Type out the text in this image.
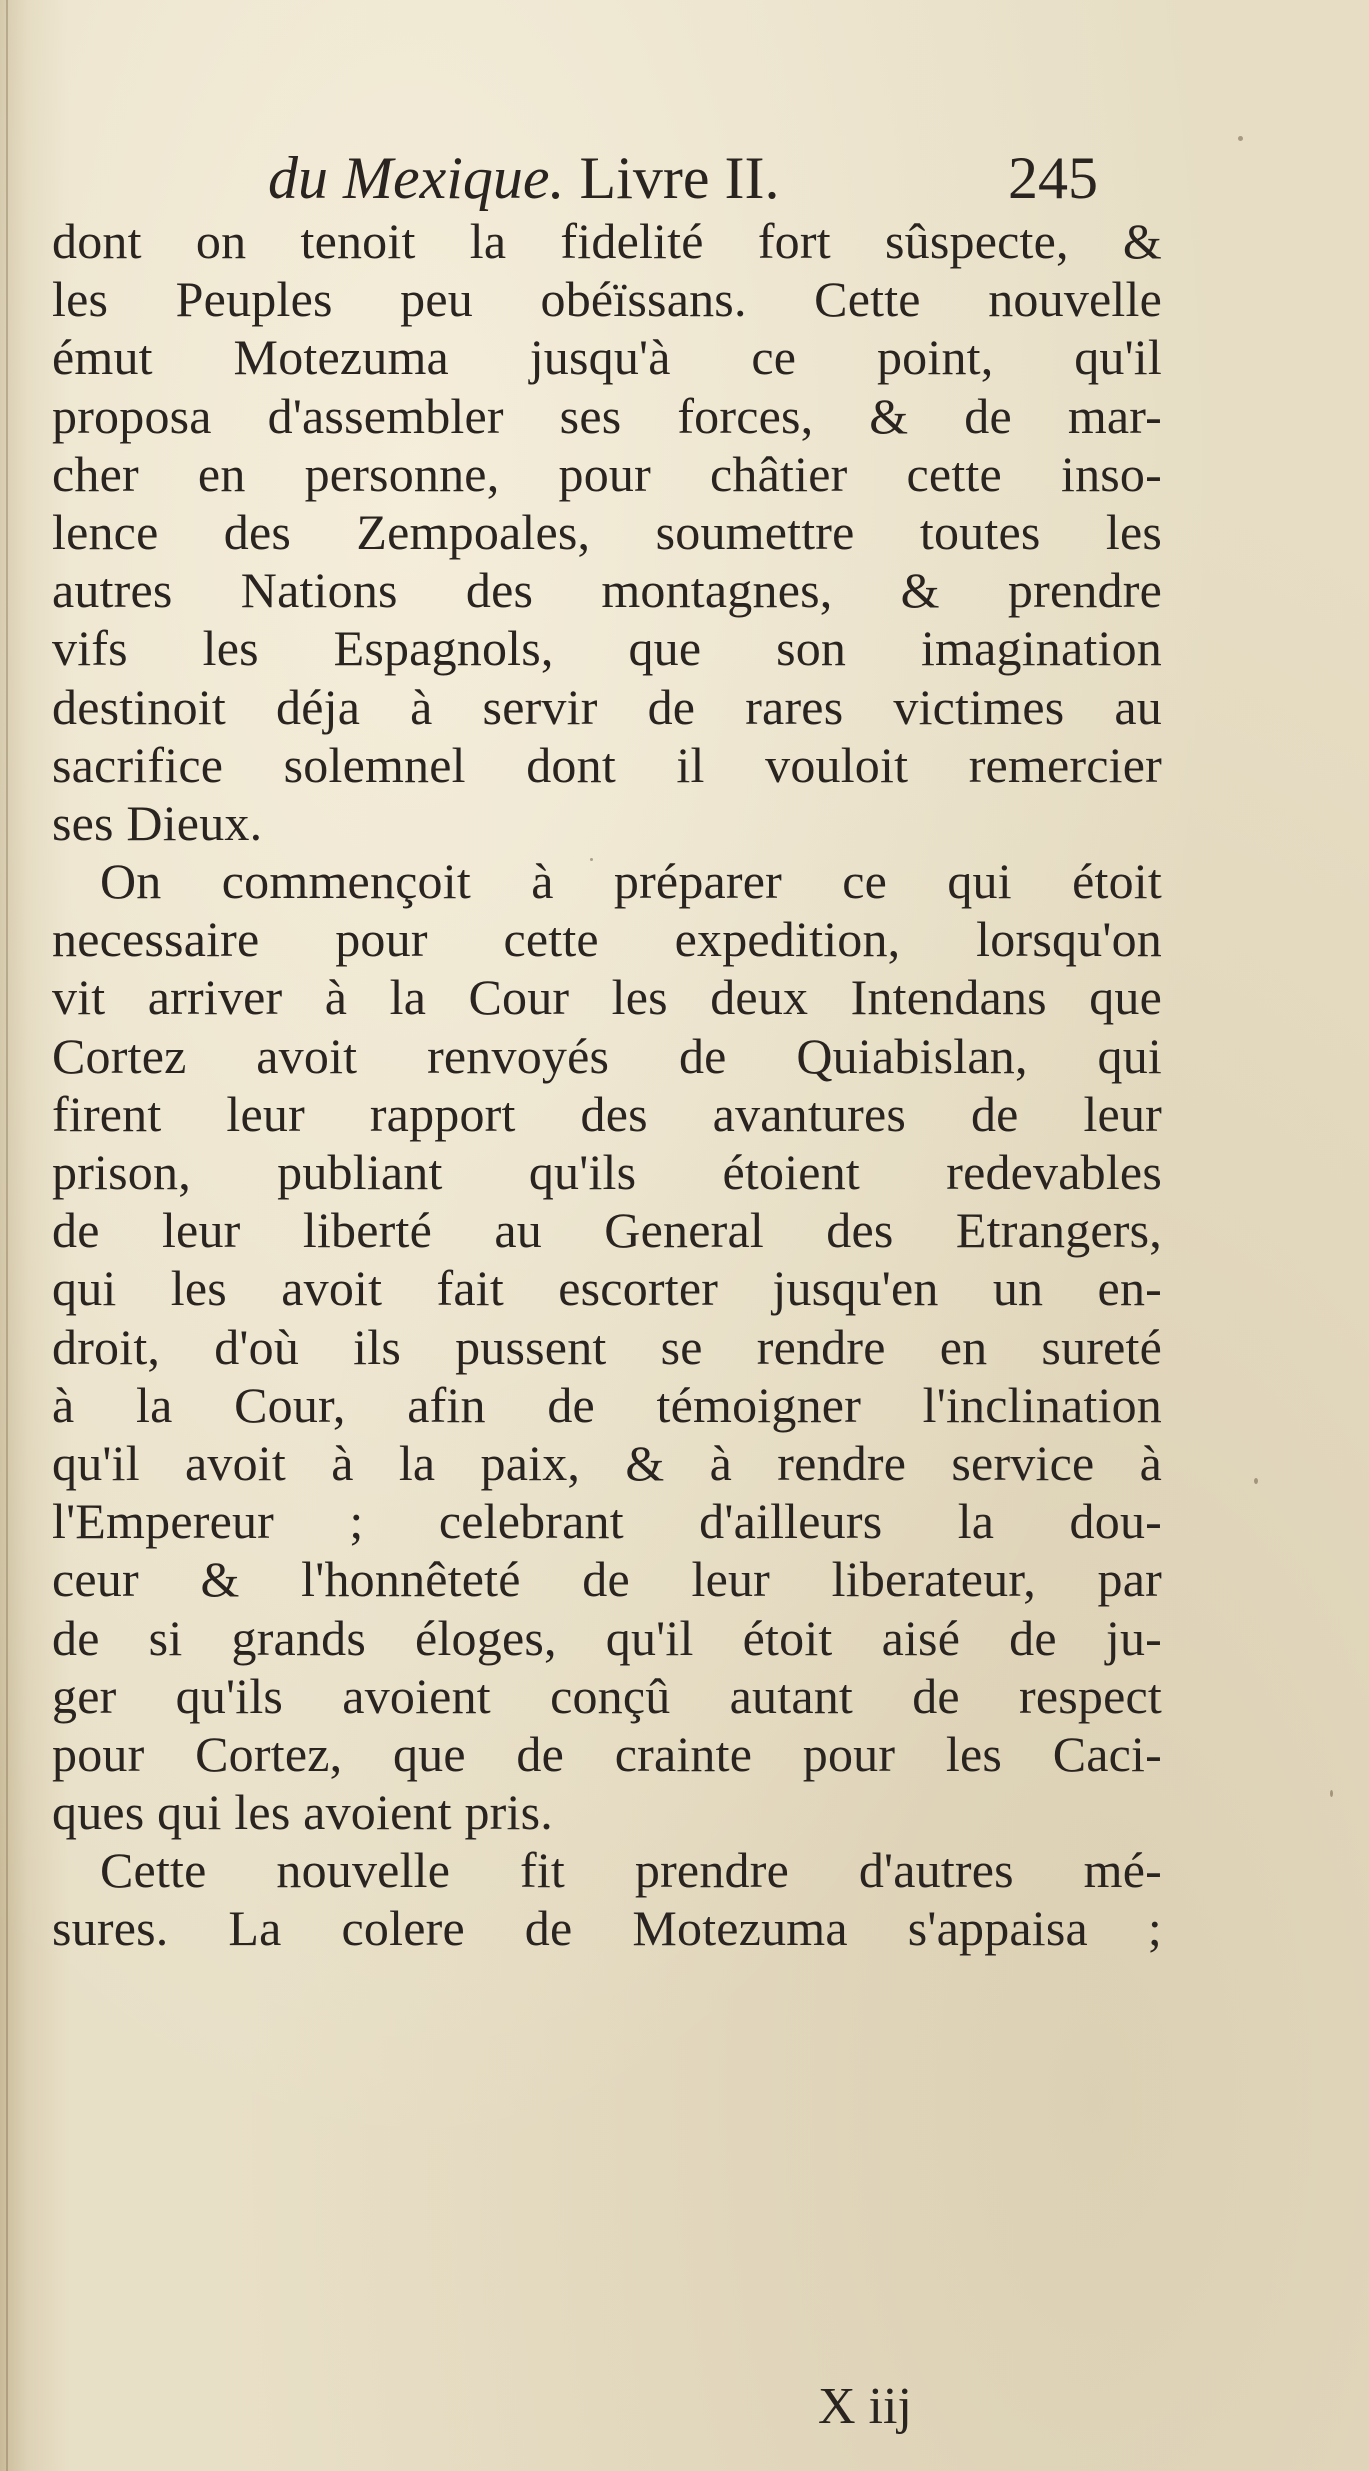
du Mexique. Livre II.	245
dont on tenoit la fidelité fort sûspecte, &
les Peuples peu obéïssans. Cette nouvelle
émut Motezuma jusqu'à ce point, qu'il
proposa d'assembler ses forces, & de mar-
cher en personne, pour châtier cette inso-
lence des Zempoales, soumettre toutes les
autres Nations des montagnes, & prendre
vifs les Espagnols, que son imagination
destinoit déja à servir de rares victimes au
sacrifice solemnel dont il vouloit remercier
ses Dieux.
On commençoit à préparer ce qui étoit
necessaire pour cette expedition, lorsqu'on
vit arriver à la Cour les deux Intendans que
Cortez avoit renvoyés de Quiabislan, qui
firent leur rapport des avantures de leur
prison, publiant qu'ils étoient redevables
de leur liberté au General des Etrangers,
qui les avoit fait escorter jusqu'en un en-
droit, d'où ils pussent se rendre en sureté
à la Cour, afin de témoigner l'inclination
qu'il avoit à la paix, & à rendre service à
l'Empereur ; celebrant d'ailleurs la dou-
ceur & l'honnêteté de leur liberateur, par
de si grands éloges, qu'il étoit aisé de ju-
ger qu'ils avoient conçû autant de respect
pour Cortez, que de crainte pour les Caci-
ques qui les avoient pris.
Cette nouvelle fit prendre d'autres mé-
sures. La colere de Motezuma s'appaisa ;
X iij
